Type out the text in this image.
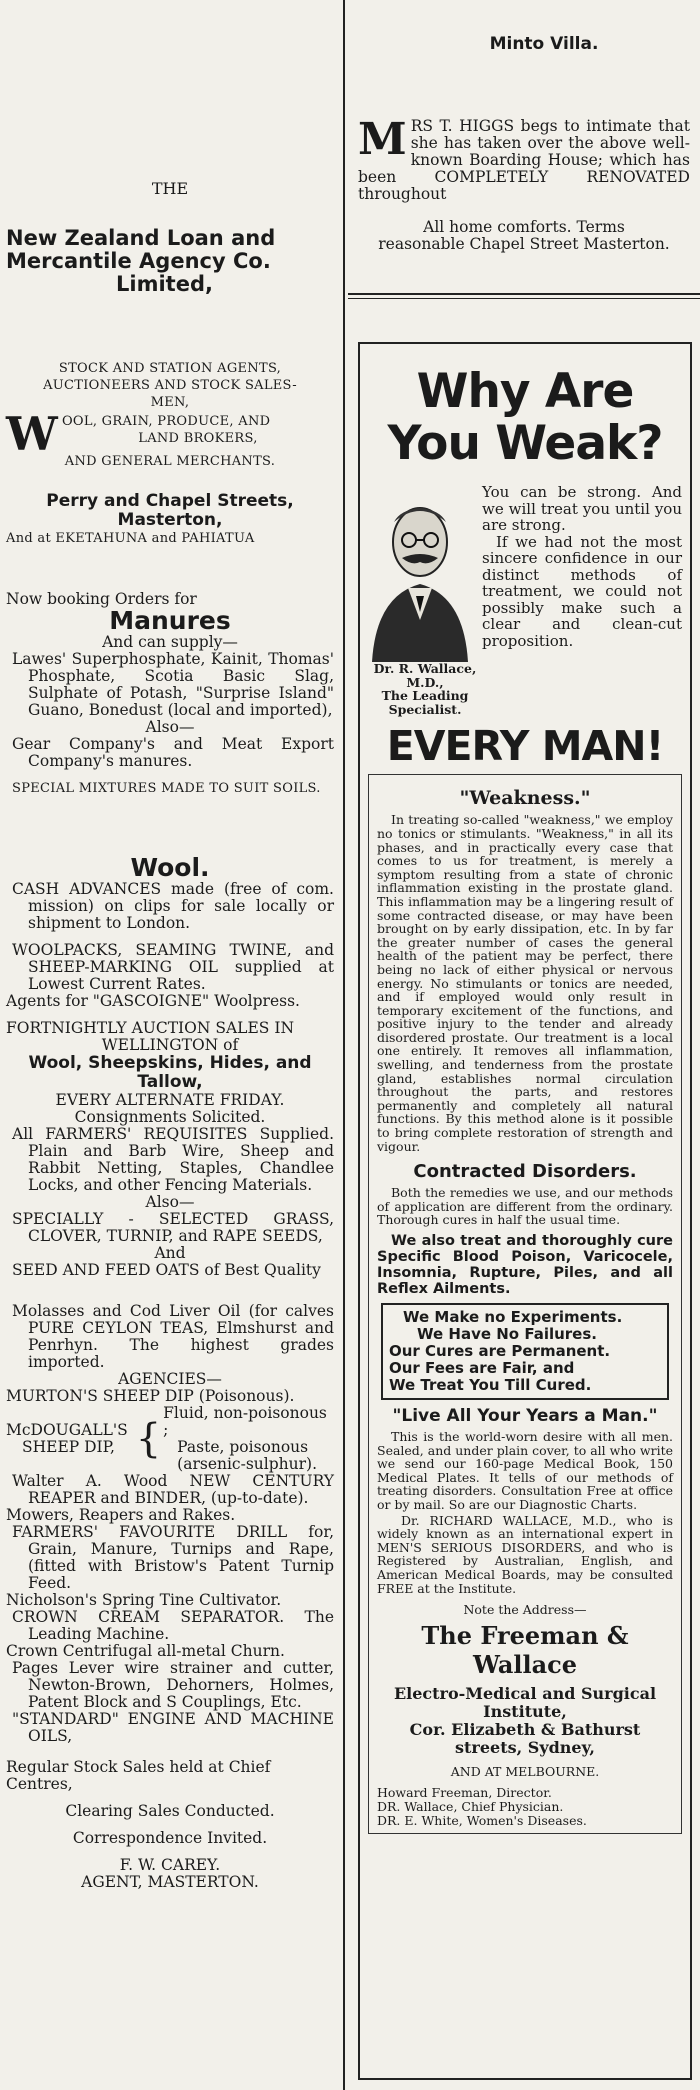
THE
New Zealand Loan and
Mercantile Agency Co.
Limited,
STOCK AND STATION AGENTS,
AUCTIONEERS AND STOCK SALES-
MEN,
W OOL, GRAIN, PRODUCE, AND
LAND BROKERS,
AND GENERAL MERCHANTS.
Perry and Chapel Streets,
Masterton,
And at EKETAHUNA and PAHIATUA
Now booking Orders for
Manures
And can supply—
Lawes' Superphosphate, Kainit, Thomas' Phosphate, Scotia Basic Slag, Sulphate of Potash, "Surprise Island" Guano, Bonedust (local and imported),
Also—
Gear Company's and Meat Export Company's manures.
SPECIAL MIXTURES MADE TO SUIT SOILS.
Wool.
CASH ADVANCES made (free of com. mission) on clips for sale locally or shipment to London.
WOOLPACKS, SEAMING TWINE, and SHEEP-MARKING OIL supplied at Lowest Current Rates.
Agents for "GASCOIGNE" Woolpress.
FORTNIGHTLY AUCTION SALES IN
WELLINGTON of
Wool, Sheepskins, Hides, and Tallow,
EVERY ALTERNATE FRIDAY.
Consignments Solicited.
All FARMERS' REQUISITES Supplied. Plain and Barb Wire, Sheep and Rabbit Netting, Staples, Chandlee Locks, and other Fencing Materials.
Also—
SPECIALLY - SELECTED GRASS, CLOVER, TURNIP, and RAPE SEEDS,
And
SEED AND FEED OATS of Best Quality
Molasses and Cod Liver Oil (for calves PURE CEYLON TEAS, Elmshurst and Penrhyn. The highest grades imported.
AGENCIES—
MURTON'S SHEEP DIP (Poisonous).
McDOUGALL'S
SHEEP DIP, {
Fluid, non-poisonous ;
Paste, poisonous
(arsenic-sulphur).
Walter A. Wood NEW CENTURY REAPER and BINDER, (up-to-date).
Mowers, Reapers and Rakes.
FARMERS' FAVOURITE DRILL for, Grain, Manure, Turnips and Rape, (fitted with Bristow's Patent Turnip Feed.
Nicholson's Spring Tine Cultivator.
CROWN CREAM SEPARATOR. The Leading Machine.
Crown Centrifugal all-metal Churn.
Pages Lever wire strainer and cutter, Newton-Brown, Dehorners, Holmes, Patent Block and S Couplings, Etc.
"STANDARD" ENGINE AND MACHINE OILS,
Regular Stock Sales held at Chief Centres,
Clearing Sales Conducted.
Correspondence Invited.
F. W. CAREY.
AGENT, MASTERTON.
Minto Villa.
M RS T. HIGGS begs to intimate that she has taken over the above well-known Boarding House; which has been COMPLETELY RENOVATED throughout
All home comforts. Terms reasonable Chapel Street Masterton.
Why Are
You Weak?
You can be strong. And we will treat you until you are strong.
If we had not the most sincere confidence in our distinct methods of treatment, we could not possibly make such a clear and clean-cut proposition.
Dr. R. Wallace, M.D.,
The Leading Specialist.
EVERY MAN!
"Weakness."
In treating so-called "weakness," we employ no tonics or stimulants. "Weakness," in all its phases, and in practically every case that comes to us for treatment, is merely a symptom resulting from a state of chronic inflammation existing in the prostate gland. This inflammation may be a lingering result of some contracted disease, or may have been brought on by early dissipation, etc. In by far the greater number of cases the general health of the patient may be perfect, there being no lack of either physical or nervous energy. No stimulants or tonics are needed, and if employed would only result in temporary excitement of the functions, and positive injury to the tender and already disordered prostate. Our treatment is a local one entirely. It removes all inflammation, swelling, and tenderness from the prostate gland, establishes normal circulation throughout the parts, and restores permanently and completely all natural functions. By this method alone is it possible to bring complete restoration of strength and vigour.
Contracted Disorders.
Both the remedies we use, and our methods of application are different from the ordinary. Thorough cures in half the usual time.
We also treat and thoroughly cure Specific Blood Poison, Varicocele, Insomnia, Rupture, Piles, and all Reflex Ailments.
We Make no Experiments.
We Have No Failures.
Our Cures are Permanent.
Our Fees are Fair, and
We Treat You Till Cured.
"Live All Your Years a Man."
This is the world-worn desire with all men. Sealed, and under plain cover, to all who write we send our 160-page Medical Book, 150 Medical Plates. It tells of our methods of treating disorders. Consultation Free at office or by mail. So are our Diagnostic Charts.
Dr. RICHARD WALLACE, M.D., who is widely known as an international expert in MEN'S SERIOUS DISORDERS, and who is Registered by Australian, English, and American Medical Boards, may be consulted FREE at the Institute.
Note the Address—
The Freeman & Wallace
Electro-Medical and Surgical Institute,
Cor. Elizabeth & Bathurst streets, Sydney,
AND AT MELBOURNE.
Howard Freeman, Director.
DR. Wallace, Chief Physician.
DR. E. White, Women's Diseases.
